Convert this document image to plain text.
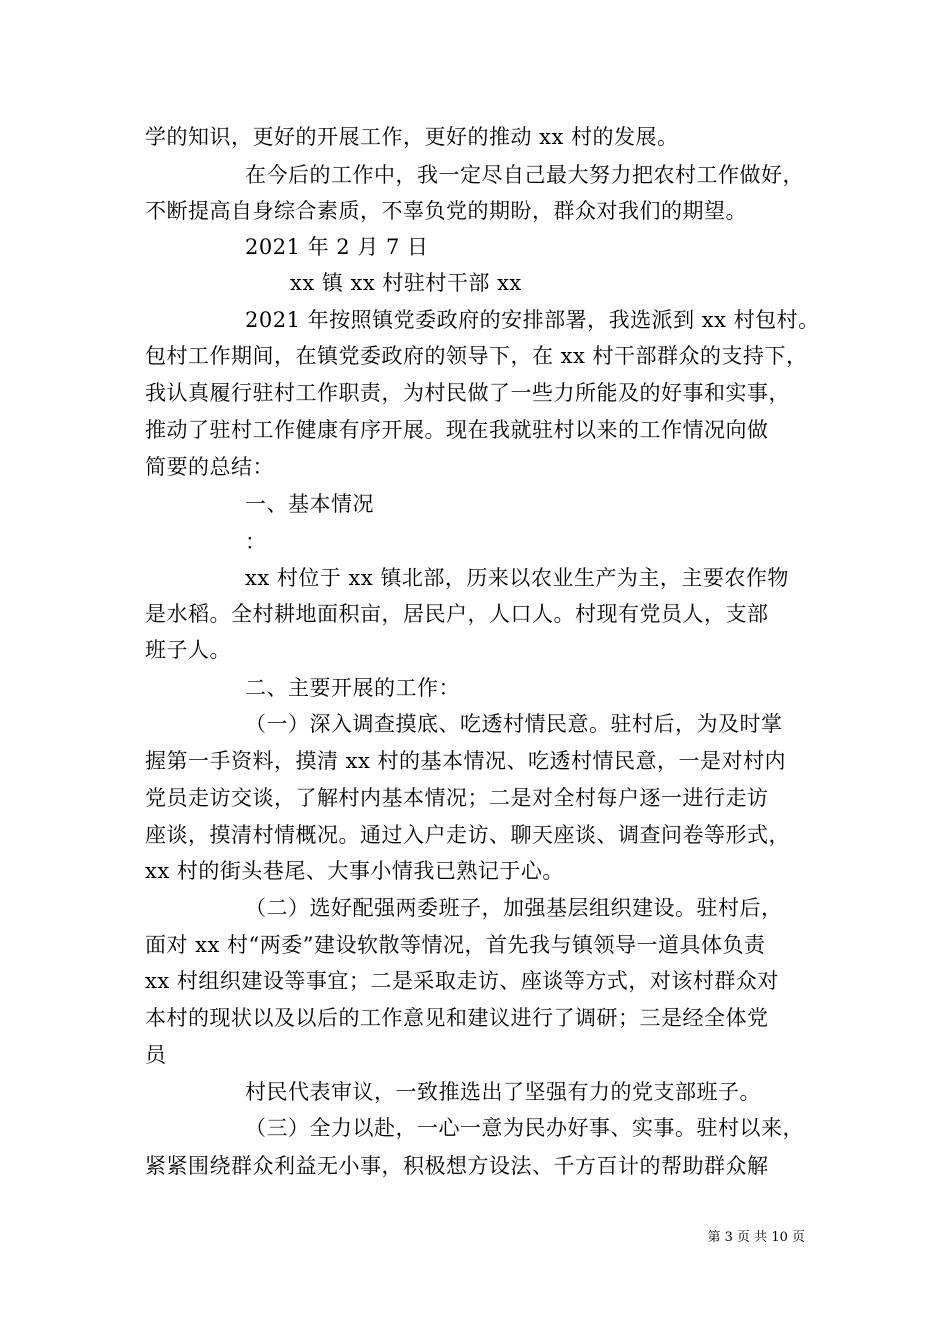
学的知识，更好的开展工作，更好的推动 xx 村的发展。
在今后的工作中，我一定尽自己最大努力把农村工作做好，
不断提高自身综合素质，不辜负党的期盼，群众对我们的期望。
2021 年 2 月 7 日
xx 镇 xx 村驻村干部 xx
2021 年按照镇党委政府的安排部署，我选派到 xx 村包村。
包村工作期间，在镇党委政府的领导下，在 xx 村干部群众的支持下，
我认真履行驻村工作职责，为村民做了一些力所能及的好事和实事，
推动了驻村工作健康有序开展。现在我就驻村以来的工作情况向做
简要的总结：
一、基本情况
：
xx 村位于 xx 镇北部，历来以农业生产为主，主要农作物
是水稻。全村耕地面积亩，居民户，人口人。村现有党员人，支部
班子人。
二、主要开展的工作：
（一）深入调查摸底、吃透村情民意。驻村后，为及时掌
握第一手资料，摸清 xx 村的基本情况、吃透村情民意，一是对村内
党员走访交谈，了解村内基本情况；二是对全村每户逐一进行走访
座谈，摸清村情概况。通过入户走访、聊天座谈、调查问卷等形式，
xx 村的街头巷尾、大事小情我已熟记于心。
（二）选好配强两委班子，加强基层组织建设。驻村后，
面对 xx 村“两委”建设软散等情况，首先我与镇领导一道具体负责
xx 村组织建设等事宜；二是采取走访、座谈等方式，对该村群众对
本村的现状以及以后的工作意见和建议进行了调研；三是经全体党
员
村民代表审议，一致推选出了坚强有力的党支部班子。
（三）全力以赴，一心一意为民办好事、实事。驻村以来，
紧紧围绕群众利益无小事，积极想方设法、千方百计的帮助群众解
第 3 页 共 10 页
